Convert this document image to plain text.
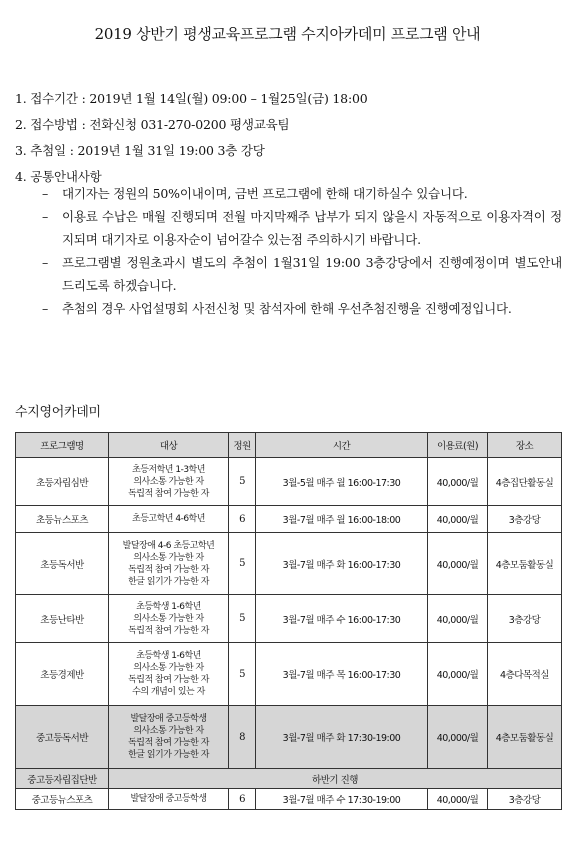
2019 상반기 평생교육프로그램 수지아카데미 프로그램 안내
1. 접수기간 : 2019년 1월 14일(월) 09:00 – 1월25일(금) 18:00
2. 접수방법 : 전화신청 031-270-0200 평생교육팀
3. 추첨일 : 2019년 1월 31일 19:00 3층 강당
4. 공통안내사항
– 대기자는 정원의 50%이내이며, 금번 프로그램에 한해 대기하실수 있습니다.
– 이용료 수납은 매월 진행되며 전월 마지막째주 납부가 되지 않을시 자동적으로 이용자격이 정지되며 대기자로 이용자순이 넘어갈수 있는점 주의하시기 바랍니다.
– 프로그램별 정원초과시 별도의 추첨이 1월31일 19:00 3층강당에서 진행예정이며 별도안내 드리도록 하겠습니다.
– 추첨의 경우 사업설명회 사전신청 및 참석자에 한해 우선추첨진행을 진행예정입니다.
수지영어카데미
프로그램명	대상	정원	시간	이용료(원)	장소
초등자립심반	초등저학년 1-3학년
의사소통 가능한 자
독립적 참여 가능한 자	5	3월-5월 매주 월 16:00-17:30	40,000/월	4층집단활동실
초등뉴스포츠	초등고학년 4-6학년	6	3월-7월 매주 월 16:00-18:00	40,000/월	3층강당
초등독서반	발달장애 4-6 초등고학년
의사소통 가능한 자
독립적 참여 가능한 자
한글 읽기가 가능한 자	5	3월-7월 매주 화 16:00-17:30	40,000/월	4층모둠활동실
초등난타반	초등학생 1-6학년
의사소통 가능한 자
독립적 참여 가능한 자	5	3월-7월 매주 수 16:00-17:30	40,000/월	3층강당
초등경제반	초등학생 1-6학년
의사소통 가능한 자
독립적 참여 가능한 자
수의 개념이 있는 자	5	3월-7월 매주 목 16:00-17:30	40,000/월	4층다목적실
중고등독서반	발달장애 중고등학생
의사소통 가능한 자
독립적 참여 가능한 자
한글 읽기가 가능한 자	8	3월-7월 매주 화 17:30-19:00	40,000/월	4층모둠활동실
중고등자립집단반	하반기 진행				
중고등뉴스포츠	발달장애 중고등학생	6	3월-7월 매주 수 17:30-19:00	40,000/월	3층강당
